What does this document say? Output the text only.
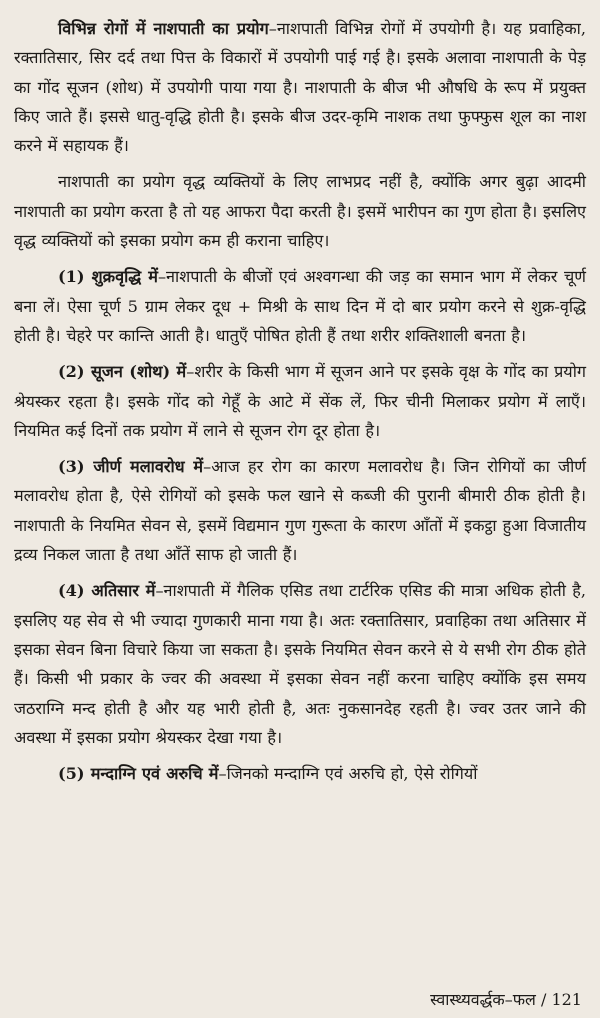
विभिन्न रोगों में नाशपाती का प्रयोग–नाशपाती विभिन्न रोगों में उपयोगी है। यह प्रवाहिका, रक्तातिसार, सिर दर्द तथा पित्त के विकारों में उपयोगी पाई गई है। इसके अलावा नाशपाती के पेड़ का गोंद सूजन (शोथ) में उपयोगी पाया गया है। नाशपाती के बीज भी औषधि के रूप में प्रयुक्त किए जाते हैं। इससे धातु-वृद्धि होती है। इसके बीज उदर-कृमि नाशक तथा फुफ्फुस शूल का नाश करने में सहायक हैं।

नाशपाती का प्रयोग वृद्ध व्यक्तियों के लिए लाभप्रद नहीं है, क्योंकि अगर बुढ़ा आदमी नाशपाती का प्रयोग करता है तो यह आफरा पैदा करती है। इसमें भारीपन का गुण होता है। इसलिए वृद्ध व्यक्तियों को इसका प्रयोग कम ही कराना चाहिए।

(1) शुक्रवृद्धि में–नाशपाती के बीजों एवं अश्वगन्धा की जड़ का समान भाग में लेकर चूर्ण बना लें। ऐसा चूर्ण 5 ग्राम लेकर दूध + मिश्री के साथ दिन में दो बार प्रयोग करने से शुक्र-वृद्धि होती है। चेहरे पर कान्ति आती है। धातुएँ पोषित होती हैं तथा शरीर शक्तिशाली बनता है।

(2) सूजन (शोथ) में–शरीर के किसी भाग में सूजन आने पर इसके वृक्ष के गोंद का प्रयोग श्रेयस्कर रहता है। इसके गोंद को गेहूँ के आटे में सेंक लें, फिर चीनी मिलाकर प्रयोग में लाएँ। नियमित कई दिनों तक प्रयोग में लाने से सूजन रोग दूर होता है।

(3) जीर्ण मलावरोध में–आज हर रोग का कारण मलावरोध है। जिन रोगियों का जीर्ण मलावरोध होता है, ऐसे रोगियों को इसके फल खाने से कब्जी की पुरानी बीमारी ठीक होती है। नाशपाती के नियमित सेवन से, इसमें विद्यमान गुण गुरूता के कारण आँतों में इकट्ठा हुआ विजातीय द्रव्य निकल जाता है तथा आँतें साफ हो जाती हैं।

(4) अतिसार में–नाशपाती में गैलिक एसिड तथा टार्टरिक एसिड की मात्रा अधिक होती है, इसलिए यह सेव से भी ज्यादा गुणकारी माना गया है। अतः रक्तातिसार, प्रवाहिका तथा अतिसार में इसका सेवन बिना विचारे किया जा सकता है। इसके नियमित सेवन करने से ये सभी रोग ठीक होते हैं। किसी भी प्रकार के ज्वर की अवस्था में इसका सेवन नहीं करना चाहिए क्योंकि इस समय जठराग्नि मन्द होती है और यह भारी होती है, अतः नुकसानदेह रहती है। ज्वर उतर जाने की अवस्था में इसका प्रयोग श्रेयस्कर देखा गया है।

(5) मन्दाग्नि एवं अरुचि में–जिनको मन्दाग्नि एवं अरुचि हो, ऐसे रोगियों

स्वास्थ्यवर्द्धक–फल / 121
